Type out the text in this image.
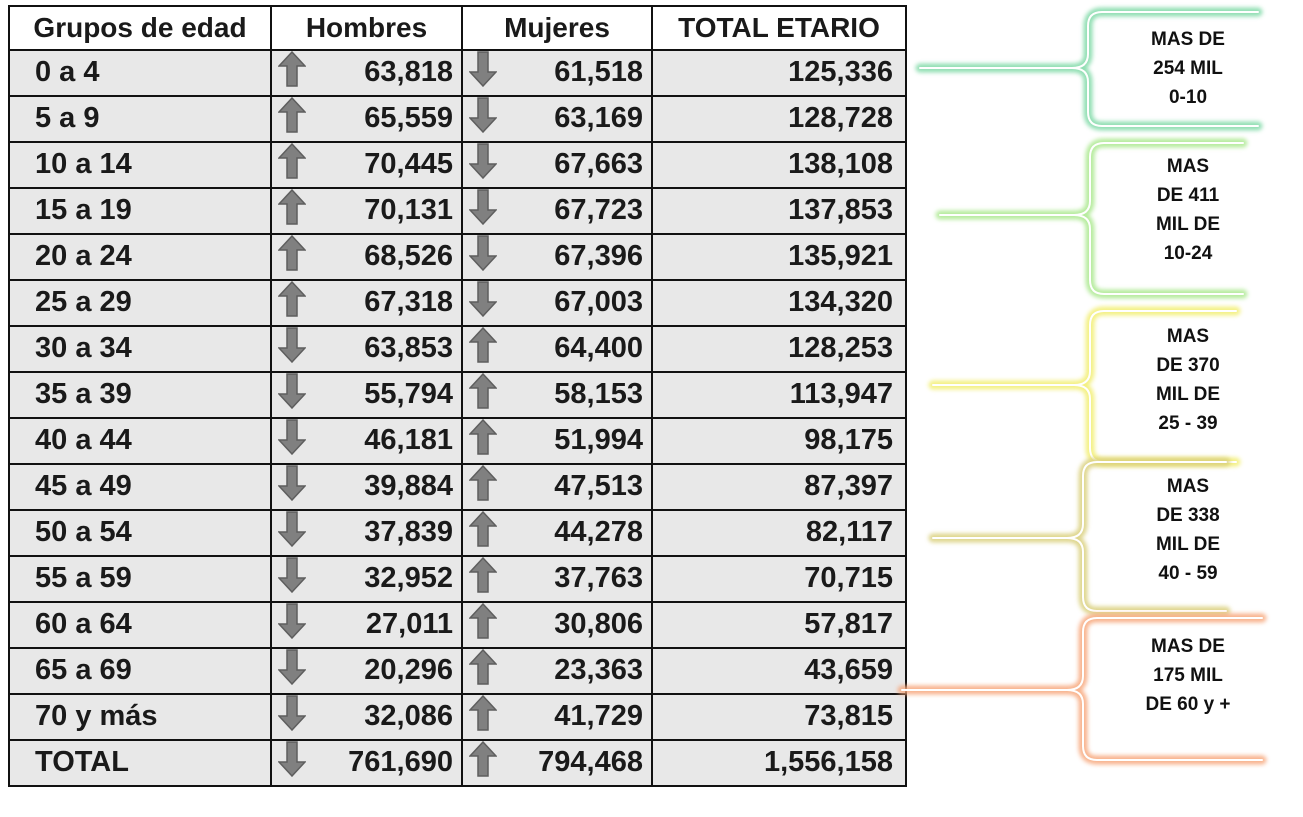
Grupos de edad	Hombres	Mujeres	TOTAL ETARIO
0 a 4	63,818	61,518	125,336
5 a 9	65,559	63,169	128,728
10 a 14	70,445	67,663	138,108
15 a 19	70,131	67,723	137,853
20 a 24	68,526	67,396	135,921
25 a 29	67,318	67,003	134,320
30 a 34	63,853	64,400	128,253
35 a 39	55,794	58,153	113,947
40 a 44	46,181	51,994	98,175
45 a 49	39,884	47,513	87,397
50 a 54	37,839	44,278	82,117
55 a 59	32,952	37,763	70,715
60 a 64	27,011	30,806	57,817
65 a 69	20,296	23,363	43,659
70 y más	32,086	41,729	73,815
TOTAL	761,690	794,468	1,556,158
MAS DE
254 MIL
0-10
MAS
DE 411
MIL DE
10-24
MAS
DE 370
MIL DE
25 - 39
MAS
DE 338
MIL DE
40 - 59
MAS DE
175 MIL
DE 60 y +
